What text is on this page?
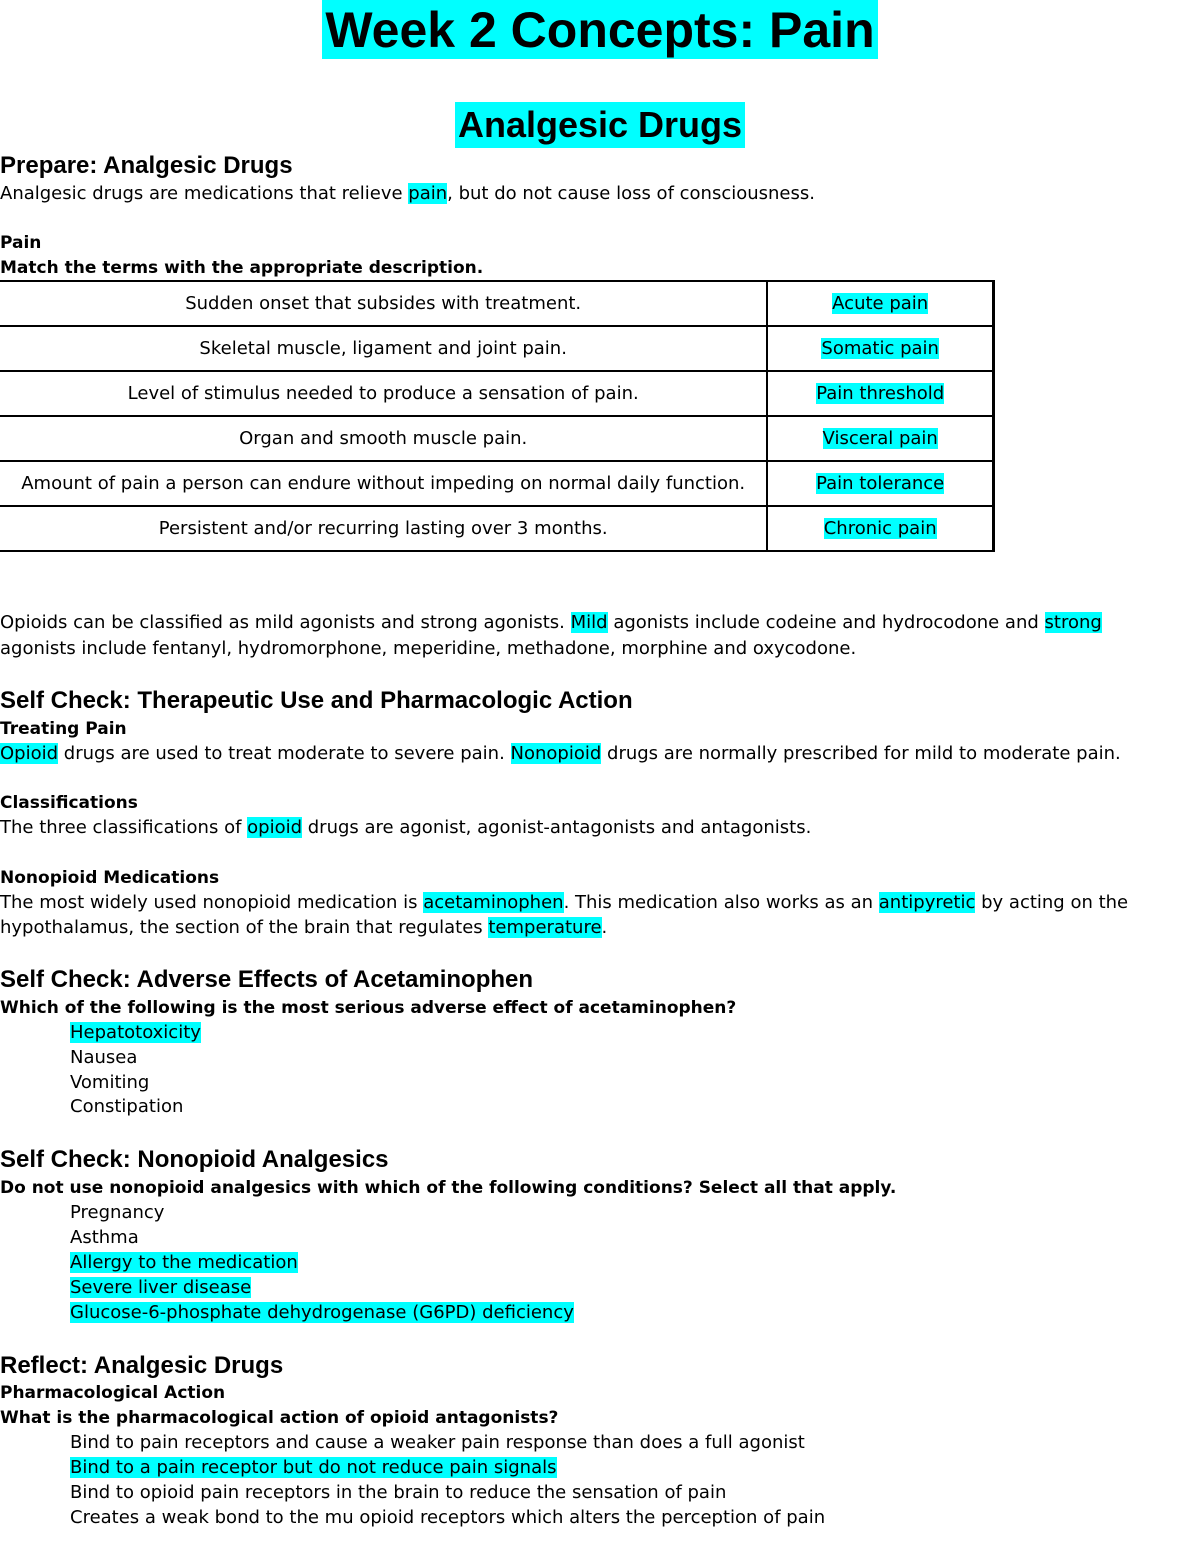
Week 2 Concepts: Pain
Analgesic Drugs
Prepare: Analgesic Drugs
Analgesic drugs are medications that relieve pain, but do not cause loss of consciousness.
Pain
Match the terms with the appropriate description.
Sudden onset that subsides with treatment.	Acute pain
Skeletal muscle, ligament and joint pain.	Somatic pain
Level of stimulus needed to produce a sensation of pain.	Pain threshold
Organ and smooth muscle pain.	Visceral pain
Amount of pain a person can endure without impeding on normal daily function.	Pain tolerance
Persistent and/or recurring lasting over 3 months.	Chronic pain
Opioids can be classified as mild agonists and strong agonists. Mild agonists include codeine and hydrocodone and strong
agonists include fentanyl, hydromorphone, meperidine, methadone, morphine and oxycodone.
Self Check: Therapeutic Use and Pharmacologic Action
Treating Pain
Opioid drugs are used to treat moderate to severe pain. Nonopioid drugs are normally prescribed for mild to moderate pain.
Classifications
The three classifications of opioid drugs are agonist, agonist-antagonists and antagonists.
Nonopioid Medications
The most widely used nonopioid medication is acetaminophen. This medication also works as an antipyretic by acting on the
hypothalamus, the section of the brain that regulates temperature.
Self Check: Adverse Effects of Acetaminophen
Which of the following is the most serious adverse effect of acetaminophen?
Hepatotoxicity
Nausea
Vomiting
Constipation
Self Check: Nonopioid Analgesics
Do not use nonopioid analgesics with which of the following conditions? Select all that apply.
Pregnancy
Asthma
Allergy to the medication
Severe liver disease
Glucose-6-phosphate dehydrogenase (G6PD) deficiency
Reflect: Analgesic Drugs
Pharmacological Action
What is the pharmacological action of opioid antagonists?
Bind to pain receptors and cause a weaker pain response than does a full agonist
Bind to a pain receptor but do not reduce pain signals
Bind to opioid pain receptors in the brain to reduce the sensation of pain
Creates a weak bond to the mu opioid receptors which alters the perception of pain
